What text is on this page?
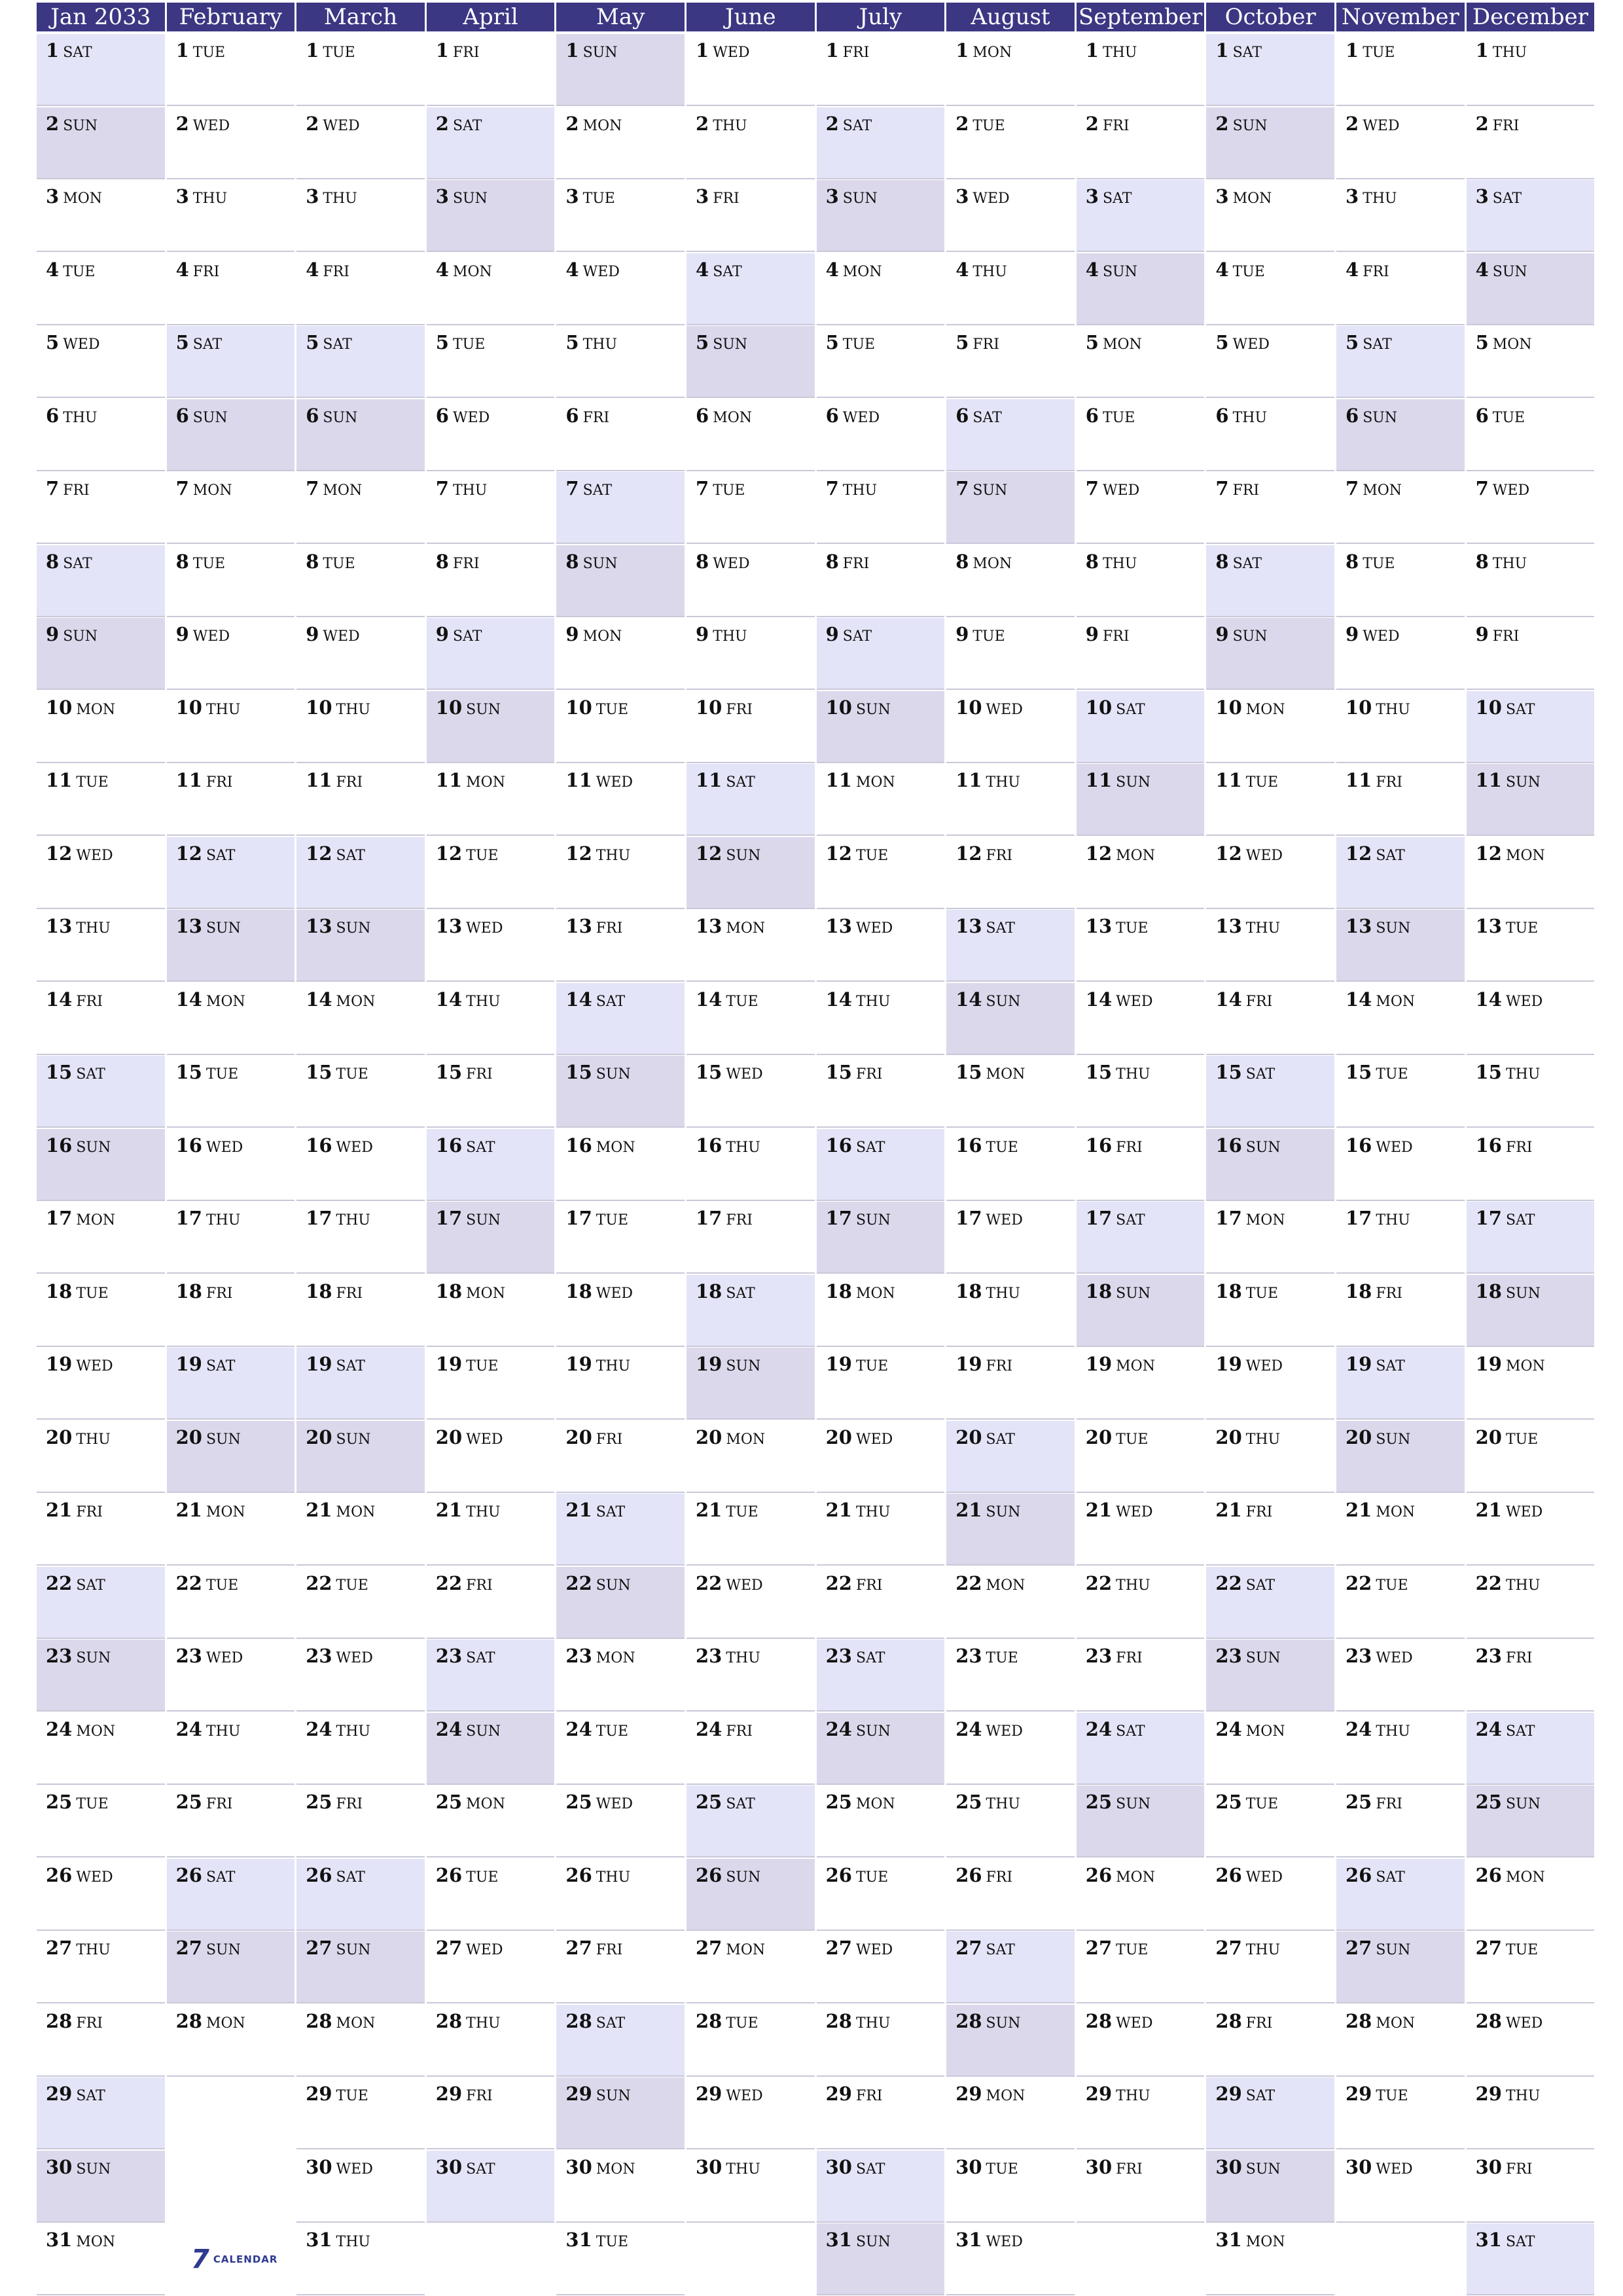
Jan 2033
1 SAT
2 SUN
3 MON
4 TUE
5 WED
6 THU
7 FRI
8 SAT
9 SUN
10 MON
11 TUE
12 WED
13 THU
14 FRI
15 SAT
16 SUN
17 MON
18 TUE
19 WED
20 THU
21 FRI
22 SAT
23 SUN
24 MON
25 TUE
26 WED
27 THU
28 FRI
29 SAT
30 SUN
31 MON
February
1 TUE
2 WED
3 THU
4 FRI
5 SAT
6 SUN
7 MON
8 TUE
9 WED
10 THU
11 FRI
12 SAT
13 SUN
14 MON
15 TUE
16 WED
17 THU
18 FRI
19 SAT
20 SUN
21 MON
22 TUE
23 WED
24 THU
25 FRI
26 SAT
27 SUN
28 MON
March
1 TUE
2 WED
3 THU
4 FRI
5 SAT
6 SUN
7 MON
8 TUE
9 WED
10 THU
11 FRI
12 SAT
13 SUN
14 MON
15 TUE
16 WED
17 THU
18 FRI
19 SAT
20 SUN
21 MON
22 TUE
23 WED
24 THU
25 FRI
26 SAT
27 SUN
28 MON
29 TUE
30 WED
31 THU
April
1 FRI
2 SAT
3 SUN
4 MON
5 TUE
6 WED
7 THU
8 FRI
9 SAT
10 SUN
11 MON
12 TUE
13 WED
14 THU
15 FRI
16 SAT
17 SUN
18 MON
19 TUE
20 WED
21 THU
22 FRI
23 SAT
24 SUN
25 MON
26 TUE
27 WED
28 THU
29 FRI
30 SAT
May
1 SUN
2 MON
3 TUE
4 WED
5 THU
6 FRI
7 SAT
8 SUN
9 MON
10 TUE
11 WED
12 THU
13 FRI
14 SAT
15 SUN
16 MON
17 TUE
18 WED
19 THU
20 FRI
21 SAT
22 SUN
23 MON
24 TUE
25 WED
26 THU
27 FRI
28 SAT
29 SUN
30 MON
31 TUE
June
1 WED
2 THU
3 FRI
4 SAT
5 SUN
6 MON
7 TUE
8 WED
9 THU
10 FRI
11 SAT
12 SUN
13 MON
14 TUE
15 WED
16 THU
17 FRI
18 SAT
19 SUN
20 MON
21 TUE
22 WED
23 THU
24 FRI
25 SAT
26 SUN
27 MON
28 TUE
29 WED
30 THU
July
1 FRI
2 SAT
3 SUN
4 MON
5 TUE
6 WED
7 THU
8 FRI
9 SAT
10 SUN
11 MON
12 TUE
13 WED
14 THU
15 FRI
16 SAT
17 SUN
18 MON
19 TUE
20 WED
21 THU
22 FRI
23 SAT
24 SUN
25 MON
26 TUE
27 WED
28 THU
29 FRI
30 SAT
31 SUN
August
1 MON
2 TUE
3 WED
4 THU
5 FRI
6 SAT
7 SUN
8 MON
9 TUE
10 WED
11 THU
12 FRI
13 SAT
14 SUN
15 MON
16 TUE
17 WED
18 THU
19 FRI
20 SAT
21 SUN
22 MON
23 TUE
24 WED
25 THU
26 FRI
27 SAT
28 SUN
29 MON
30 TUE
31 WED
September
1 THU
2 FRI
3 SAT
4 SUN
5 MON
6 TUE
7 WED
8 THU
9 FRI
10 SAT
11 SUN
12 MON
13 TUE
14 WED
15 THU
16 FRI
17 SAT
18 SUN
19 MON
20 TUE
21 WED
22 THU
23 FRI
24 SAT
25 SUN
26 MON
27 TUE
28 WED
29 THU
30 FRI
October
1 SAT
2 SUN
3 MON
4 TUE
5 WED
6 THU
7 FRI
8 SAT
9 SUN
10 MON
11 TUE
12 WED
13 THU
14 FRI
15 SAT
16 SUN
17 MON
18 TUE
19 WED
20 THU
21 FRI
22 SAT
23 SUN
24 MON
25 TUE
26 WED
27 THU
28 FRI
29 SAT
30 SUN
31 MON
November
1 TUE
2 WED
3 THU
4 FRI
5 SAT
6 SUN
7 MON
8 TUE
9 WED
10 THU
11 FRI
12 SAT
13 SUN
14 MON
15 TUE
16 WED
17 THU
18 FRI
19 SAT
20 SUN
21 MON
22 TUE
23 WED
24 THU
25 FRI
26 SAT
27 SUN
28 MON
29 TUE
30 WED
December
1 THU
2 FRI
3 SAT
4 SUN
5 MON
6 TUE
7 WED
8 THU
9 FRI
10 SAT
11 SUN
12 MON
13 TUE
14 WED
15 THU
16 FRI
17 SAT
18 SUN
19 MON
20 TUE
21 WED
22 THU
23 FRI
24 SAT
25 SUN
26 MON
27 TUE
28 WED
29 THU
30 FRI
31 SAT
7 CALENDAR
